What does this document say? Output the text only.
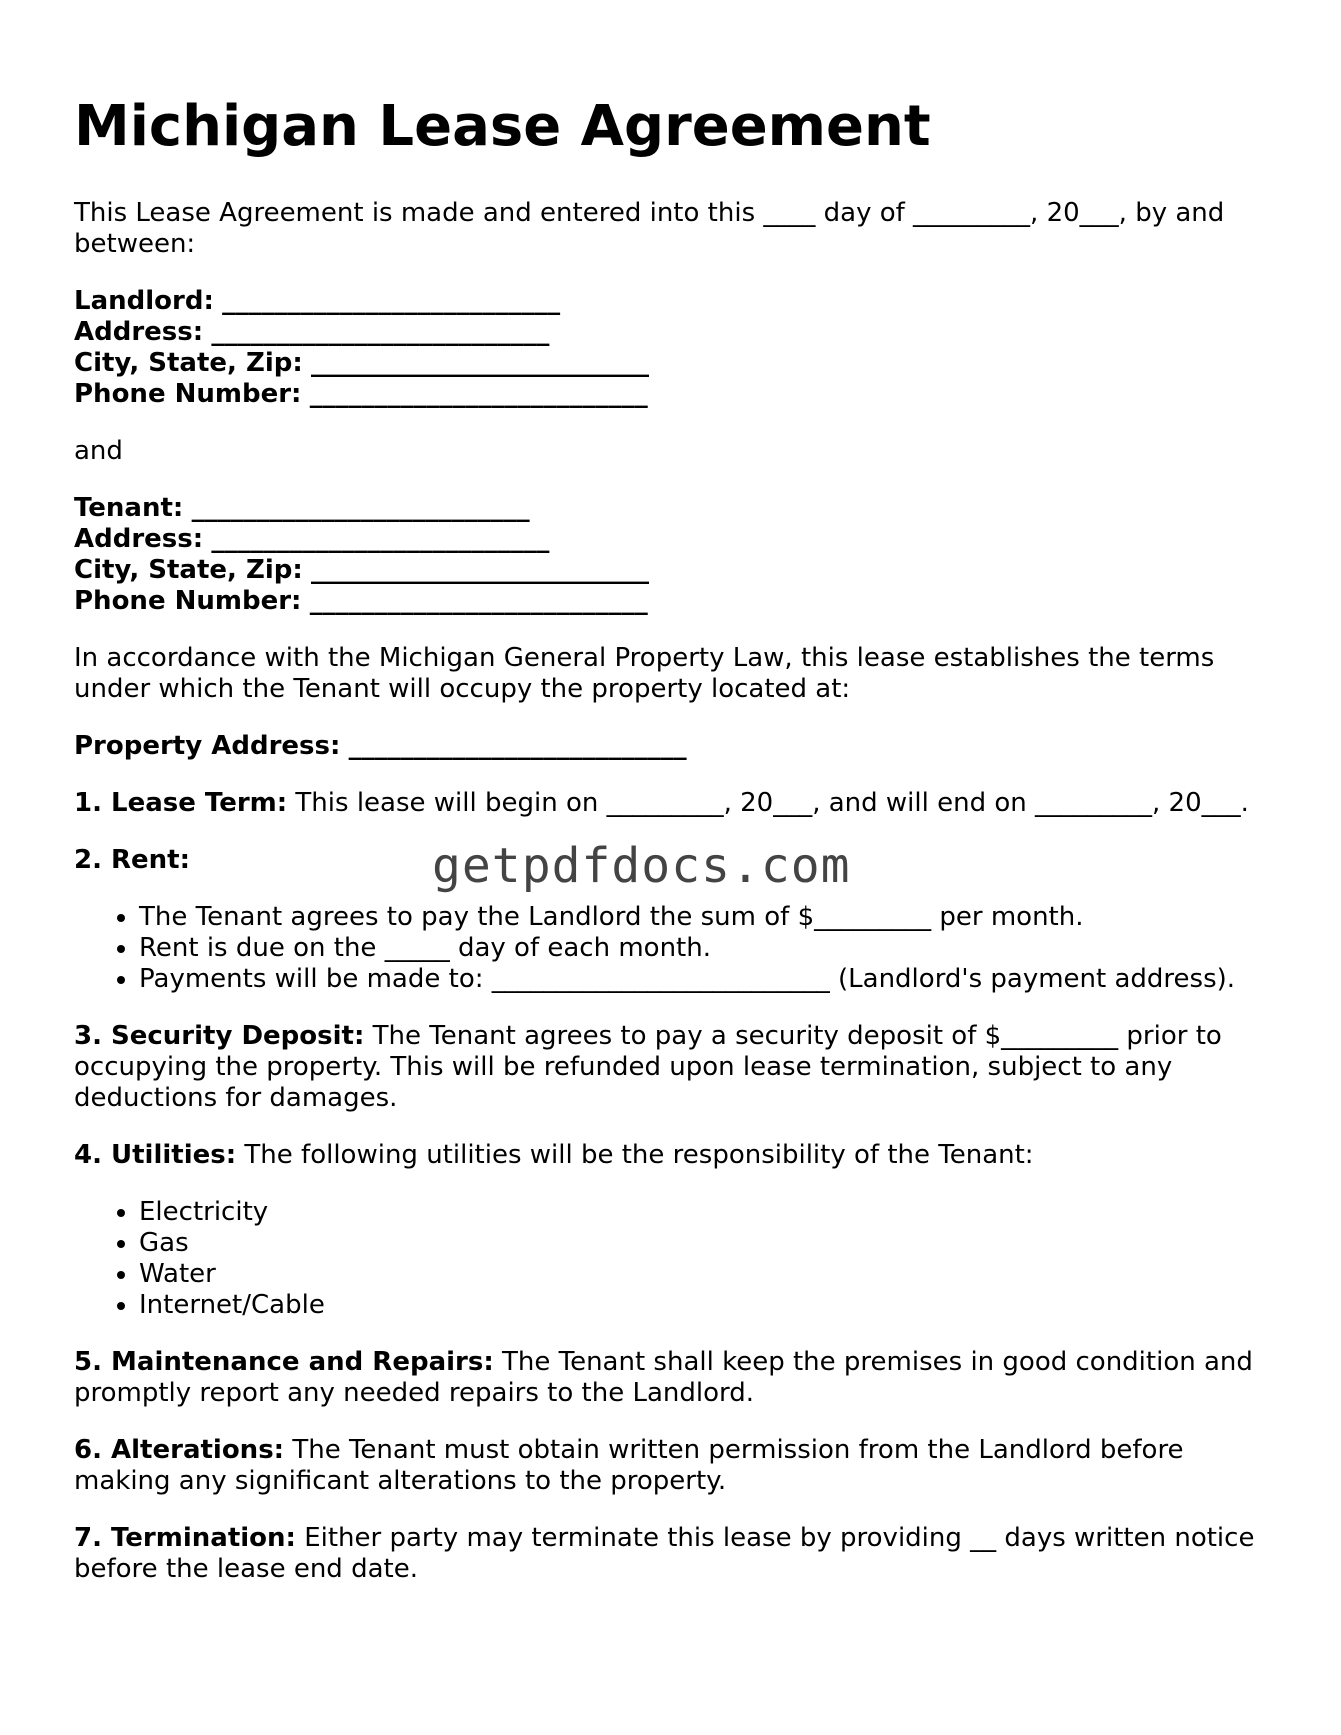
Michigan Lease Agreement

This Lease Agreement is made and entered into this ____ day of _________, 20___, by and between:

Landlord: __________________________
Address: __________________________
City, State, Zip: __________________________
Phone Number: __________________________

and

Tenant: __________________________
Address: __________________________
City, State, Zip: __________________________
Phone Number: __________________________

In accordance with the Michigan General Property Law, this lease establishes the terms under which the Tenant will occupy the property located at:

Property Address: __________________________

1. Lease Term: This lease will begin on _________, 20___, and will end on _________, 20___.

2. Rent:

• The Tenant agrees to pay the Landlord the sum of $_________ per month.
• Rent is due on the _____ day of each month.
• Payments will be made to: __________________________ (Landlord's payment address).

3. Security Deposit: The Tenant agrees to pay a security deposit of $_________ prior to occupying the property. This will be refunded upon lease termination, subject to any deductions for damages.

4. Utilities: The following utilities will be the responsibility of the Tenant:

• Electricity
• Gas
• Water
• Internet/Cable

5. Maintenance and Repairs: The Tenant shall keep the premises in good condition and promptly report any needed repairs to the Landlord.

6. Alterations: The Tenant must obtain written permission from the Landlord before making any significant alterations to the property.

7. Termination: Either party may terminate this lease by providing __ days written notice before the lease end date.

getpdfdocs.com
